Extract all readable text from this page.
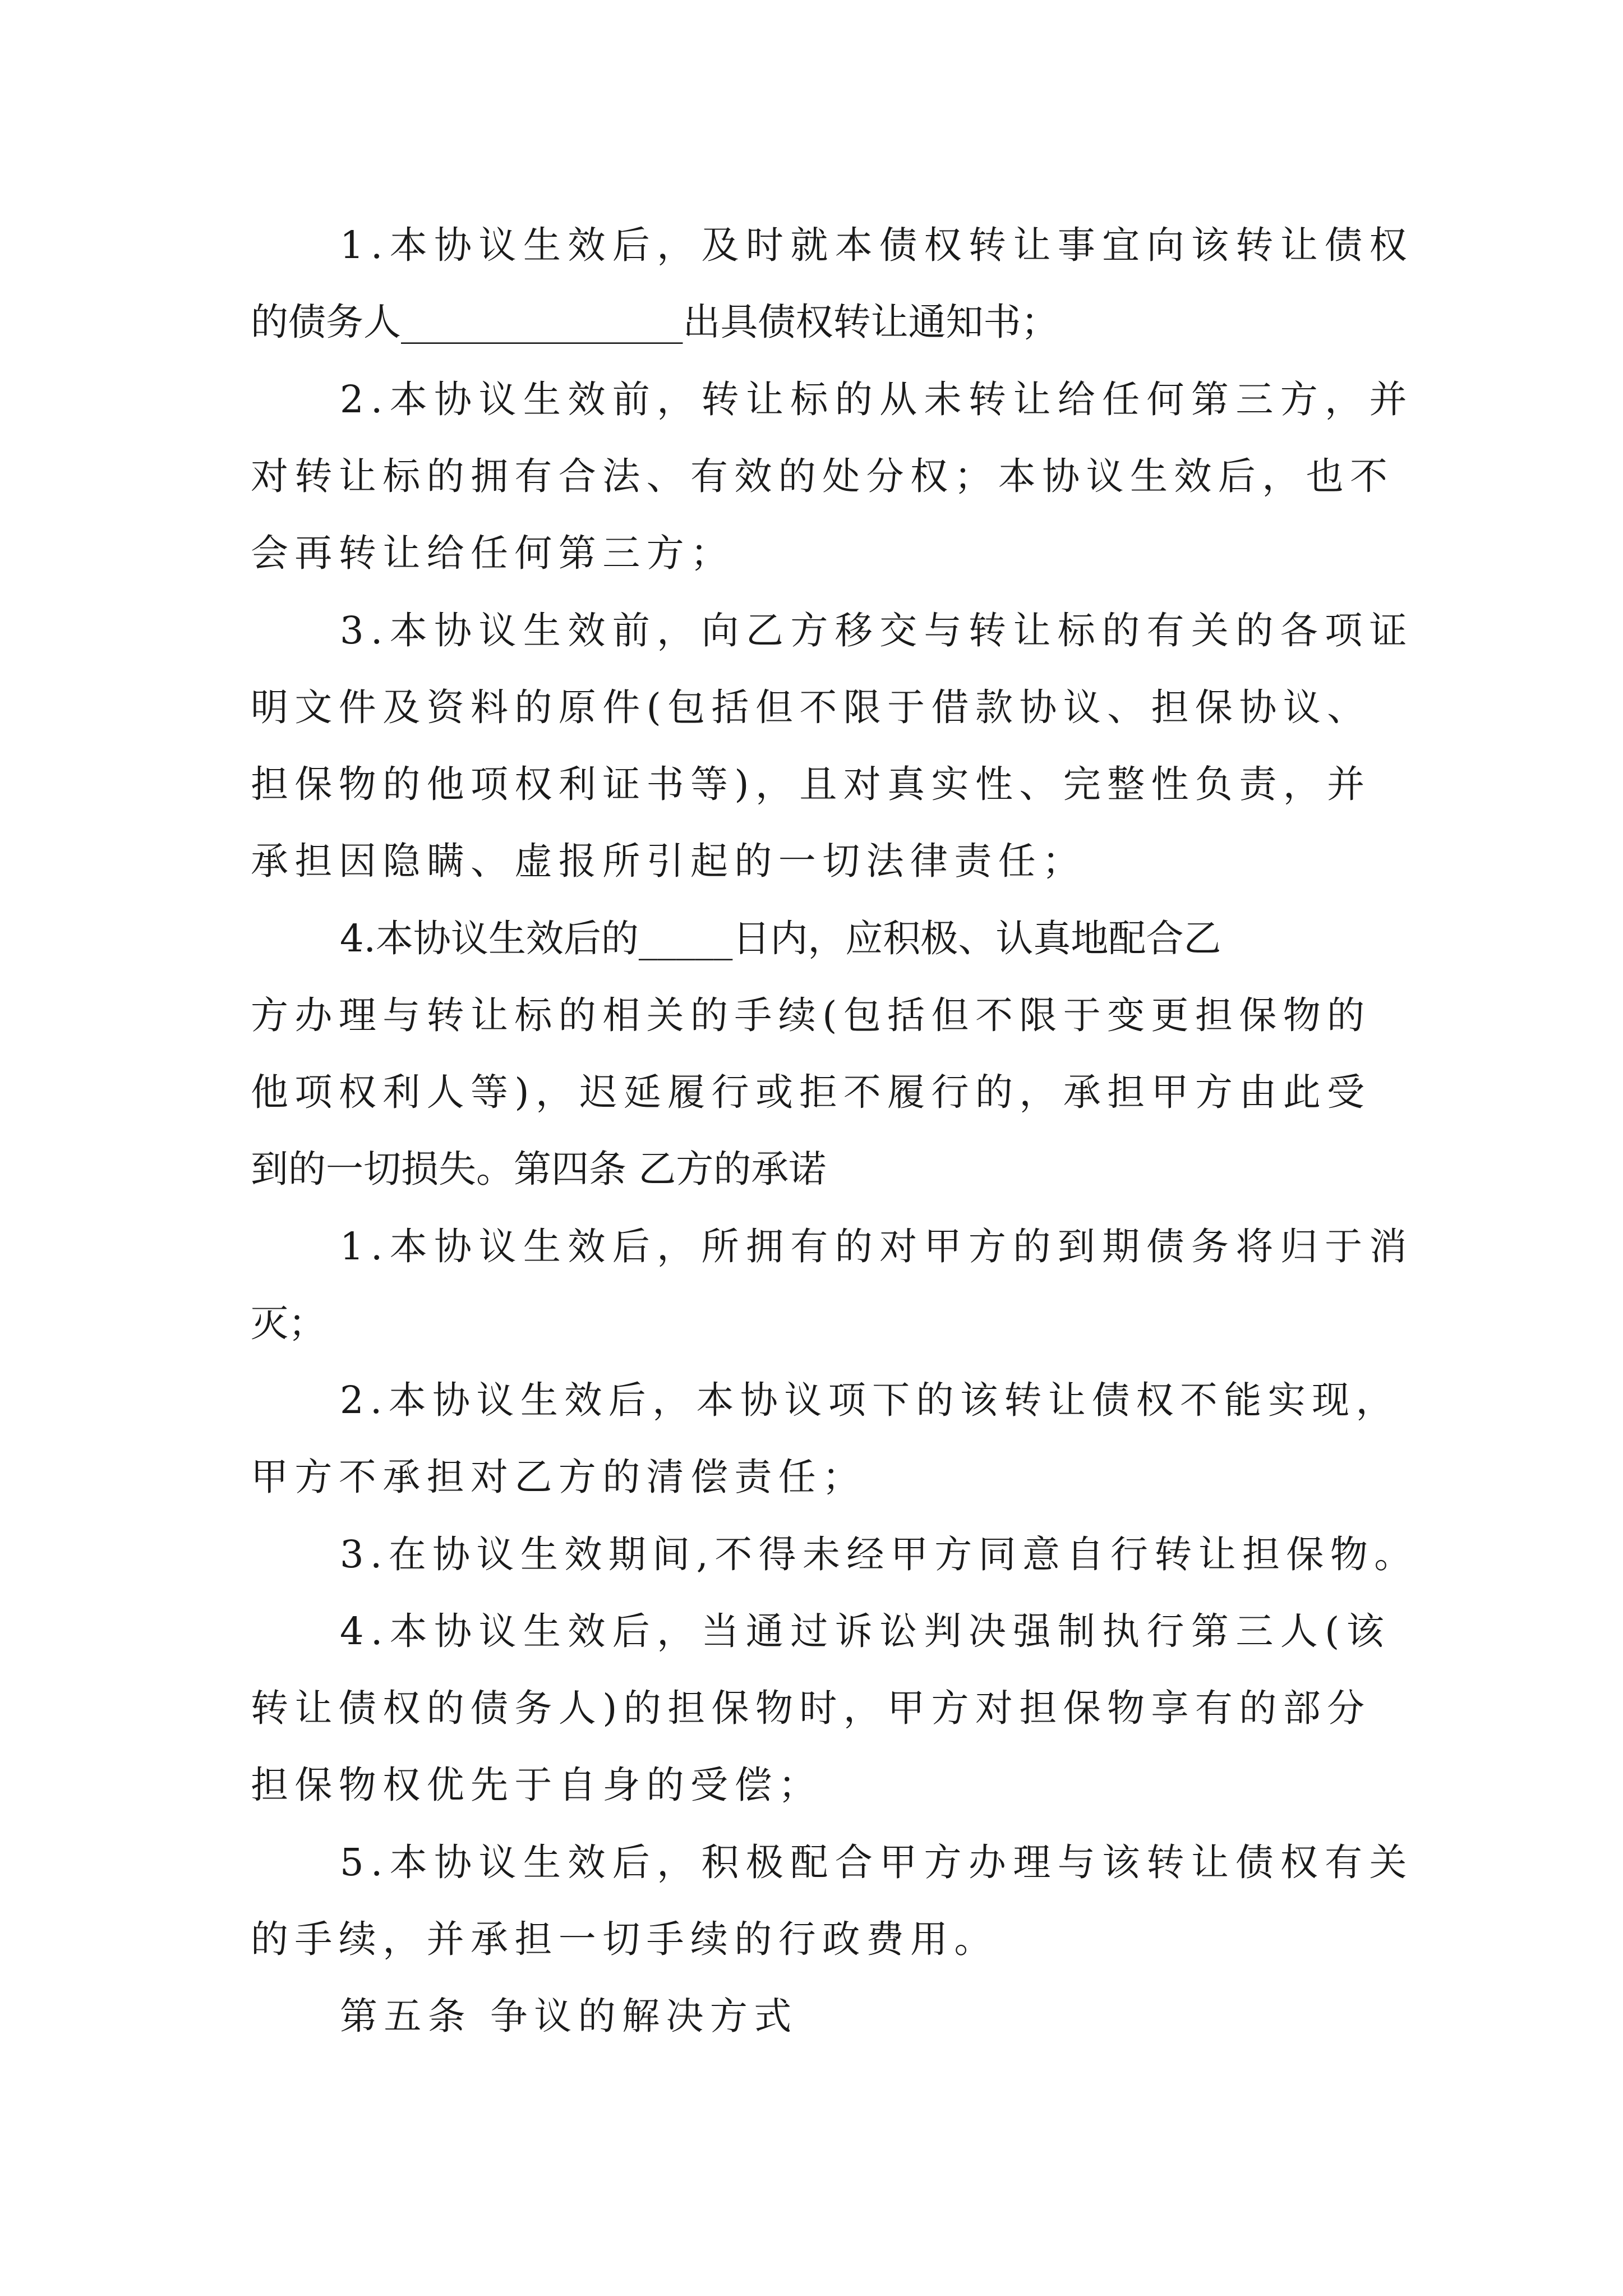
1.本协议生效后，及时就本债权转让事宜向该转让债权

的债务人_______________出具债权转让通知书；

2.本协议生效前，转让标的从未转让给任何第三方，并

对转让标的拥有合法、有效的处分权；本协议生效后，也不

会再转让给任何第三方；

3.本协议生效前，向乙方移交与转让标的有关的各项证

明文件及资料的原件(包括但不限于借款协议、担保协议、

担保物的他项权利证书等)，且对真实性、完整性负责，并

承担因隐瞒、虚报所引起的一切法律责任；

4.本协议生效后的_____日内，应积极、认真地配合乙

方办理与转让标的相关的手续(包括但不限于变更担保物的

他项权利人等)，迟延履行或拒不履行的，承担甲方由此受

到的一切损失。第四条 乙方的承诺

1.本协议生效后，所拥有的对甲方的到期债务将归于消

灭；

2.本协议生效后，本协议项下的该转让债权不能实现，

甲方不承担对乙方的清偿责任；

3.在协议生效期间,不得未经甲方同意自行转让担保物。

4.本协议生效后，当通过诉讼判决强制执行第三人(该

转让债权的债务人)的担保物时，甲方对担保物享有的部分

担保物权优先于自身的受偿；

5.本协议生效后，积极配合甲方办理与该转让债权有关

的手续，并承担一切手续的行政费用。

第五条 争议的解决方式
